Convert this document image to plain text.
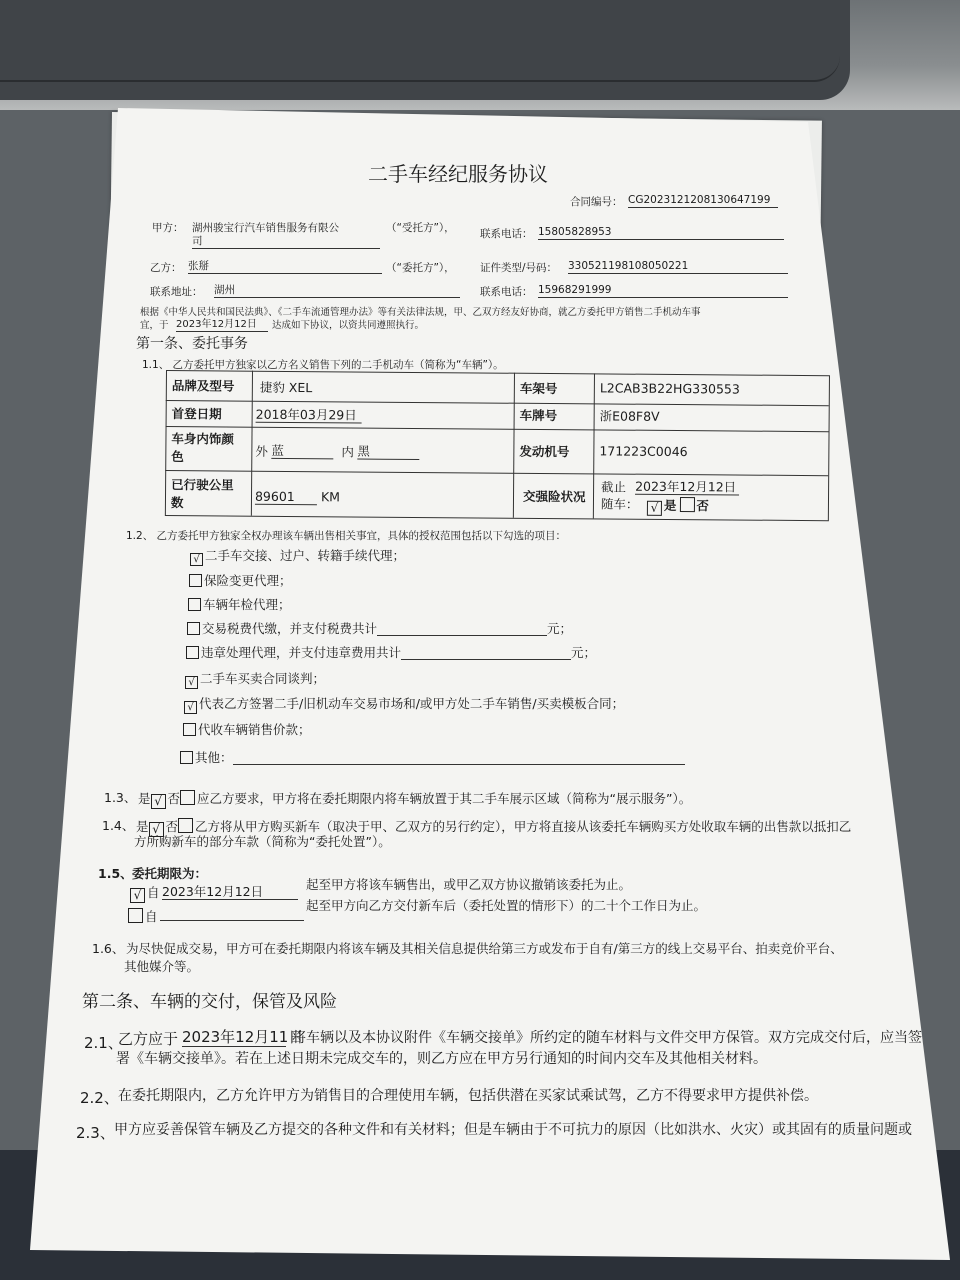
二手车经纪服务协议
合同编号： CG2023121208130647199
甲方： 湖州骏宝行汽车销售服务有限公
司
（“受托方”）， 联系电话： 15805828953
乙方： 张掰	（“委托方”）， 证件类型/号码： 330521198108050221
联系地址： 湖州	联系电话： 15968291999
根据《中华人民共和国民法典》、《二手车流通管理办法》等有关法律法规，甲、乙双方经友好协商，就乙方委托甲方销售二手机动车事
宜，于 2023年12月12日	达成如下协议，以资共同遵照执行。
第一条、委托事务
1.1、 乙方委托甲方独家以乙方名义销售下列的二手机动车（简称为“车辆”）。
品牌及型号 捷豹 XEL	车架号	L2CAB3B22HG330553
首登日期	2018年03月29日	车牌号	浙E08F8V
车身内饰颜
色	外 蓝	内 黑	发动机号 171223C0046
已行驶公里
数	89601	KM	交强险状况
截止 2023年12月12日
随车：	√ 是 否
1.2、 乙方委托甲方独家全权办理该车辆出售相关事宜，具体的授权范围包括以下勾选的项目：
√ 二手车交接、过户、转籍手续代理；
保险变更代理；
车辆年检代理；
交易税费代缴，并支付税费共计	元；
违章处理代理，并支付违章费用共计	元；
√ 二手车买卖合同谈判；
√ 代表乙方签署二手/旧机动车交易市场和/或甲方处二手车销售/买卖模板合同；
代收车辆销售价款；
其他：
1.3、 是 √ 否 应乙方要求，甲方将在委托期限内将车辆放置于其二手车展示区域（简称为“展示服务”）。
1.4、 是 √ 否 乙方将从甲方购买新车（取决于甲、乙双方的另行约定），甲方将直接从该委托车辆购买方处收取车辆的出售款以抵扣乙
方所购新车的部分车款（简称为“委托处置”）。
1.5、 委托期限为：
√ 自 2023年12月12日	起至甲方将该车辆售出，或甲乙双方协议撤销该委托为止。
自
起至甲方向乙方交付新车后（委托处置的情形下）的二十个工作日为止。
1.6、 为尽快促成交易，甲方可在委托期限内将该车辆及其相关信息提供给第三方或发布于自有/第三方的线上交易平台、拍卖竞价平台、
其他媒介等。
第二条、车辆的交付，保管及风险
2.1、
乙方应于 2023年12月11日
将车辆以及本协议附件《车辆交接单》所约定的随车材料与文件交甲方保管。双方完成交付后，应当签
署《车辆交接单》。若在上述日期未完成交车的，则乙方应在甲方另行通知的时间内交车及其他相关材料。
2.2、 在委托期限内，乙方允许甲方为销售目的合理使用车辆，包括供潜在买家试乘试驾，乙方不得要求甲方提供补偿。
2.3、 甲方应妥善保管车辆及乙方提交的各种文件和有关材料；但是车辆由于不可抗力的原因（比如洪水、火灾）或其固有的质量问题或
